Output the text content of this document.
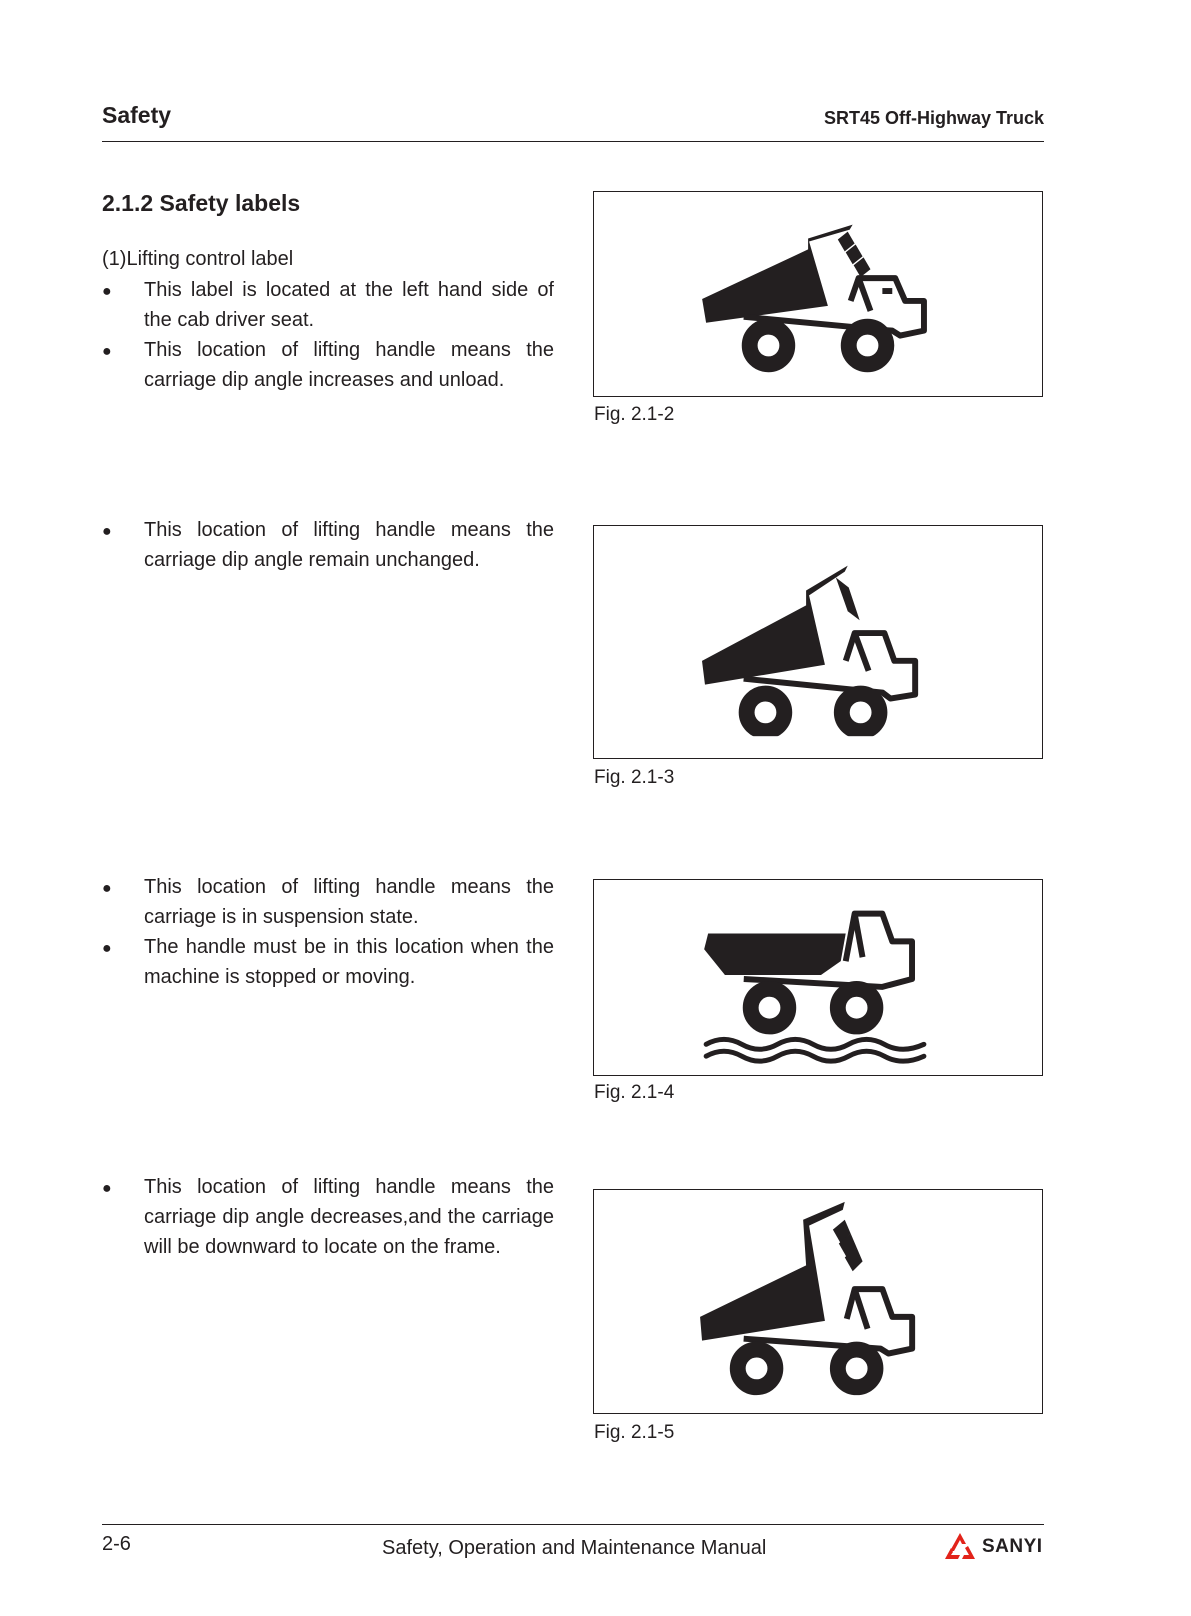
Safety	SRT45 Off-Highway Truck
2.1.2 Safety labels
(1)Lifting control label
● This label is located at the left hand side of the cab driver seat.
● This location of lifting handle means the carriage dip angle increases and unload.
Fig. 2.1-2
● This location of lifting handle means the carriage dip angle remain unchanged.
Fig. 2.1-3
● This location of lifting handle means the carriage is in suspension state.
● The handle must be in this location when the machine is stopped or moving.
Fig. 2.1-4
● This location of lifting handle means the carriage dip angle decreases,and the carriage will be downward to locate on the frame.
Fig. 2.1-5
2-6	Safety, Operation and Maintenance Manual	SANYI
